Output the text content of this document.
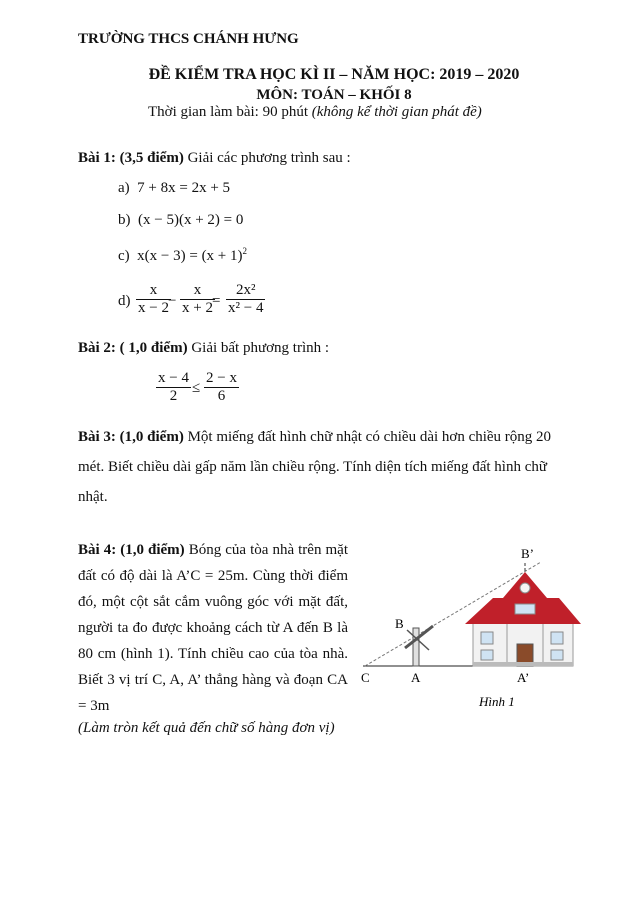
TRƯỜNG THCS CHÁNH HƯNG
ĐỀ KIỂM TRA HỌC KÌ II – NĂM HỌC: 2019 – 2020
MÔN: TOÁN – KHỐI 8
Thời gian làm bài: 90 phút (không kể thời gian phát đề)
Bài 1: (3,5 điểm) Giải các phương trình sau :
a) 7 + 8x = 2x + 5
b) (x − 5)(x + 2) = 0
c) $x(x - 3) = (x + 1)^2$
$d) \frac{x}{x - 2}$
− $\frac{x}{x + 2}$
= $\frac{\text{2x²}}{\text{x² − 4}}$
Bài 2: ( 1,0 điểm) Giải bất phương trình :
$\frac{x - 4}{2} \le \frac{2 - x}{6}$
Bài 3: (1,0 điểm) Một miếng đất hình chữ nhật có chiều dài hơn chiều rộng 20
mét. Biết chiều dài gấp năm lần chiều rộng. Tính diện tích miếng đất hình chữ
nhật.
Bài 4: (1,0 điểm) Bóng của tòa nhà trên mặt đất có độ dài là A’C = 25m. Cùng thời điểm đó, một cột sắt cắm vuông góc với mặt đất, người ta đo được khoảng cách từ A đến B là 80 cm (hình 1). Tính chiều cao của tòa nhà. Biết 3 vị trí C, A, A’ thẳng hàng và đoạn CA = 3m
(Làm tròn kết quả đến chữ số hàng đơn vị)
B
B’
C	A	A’
Hình 1
